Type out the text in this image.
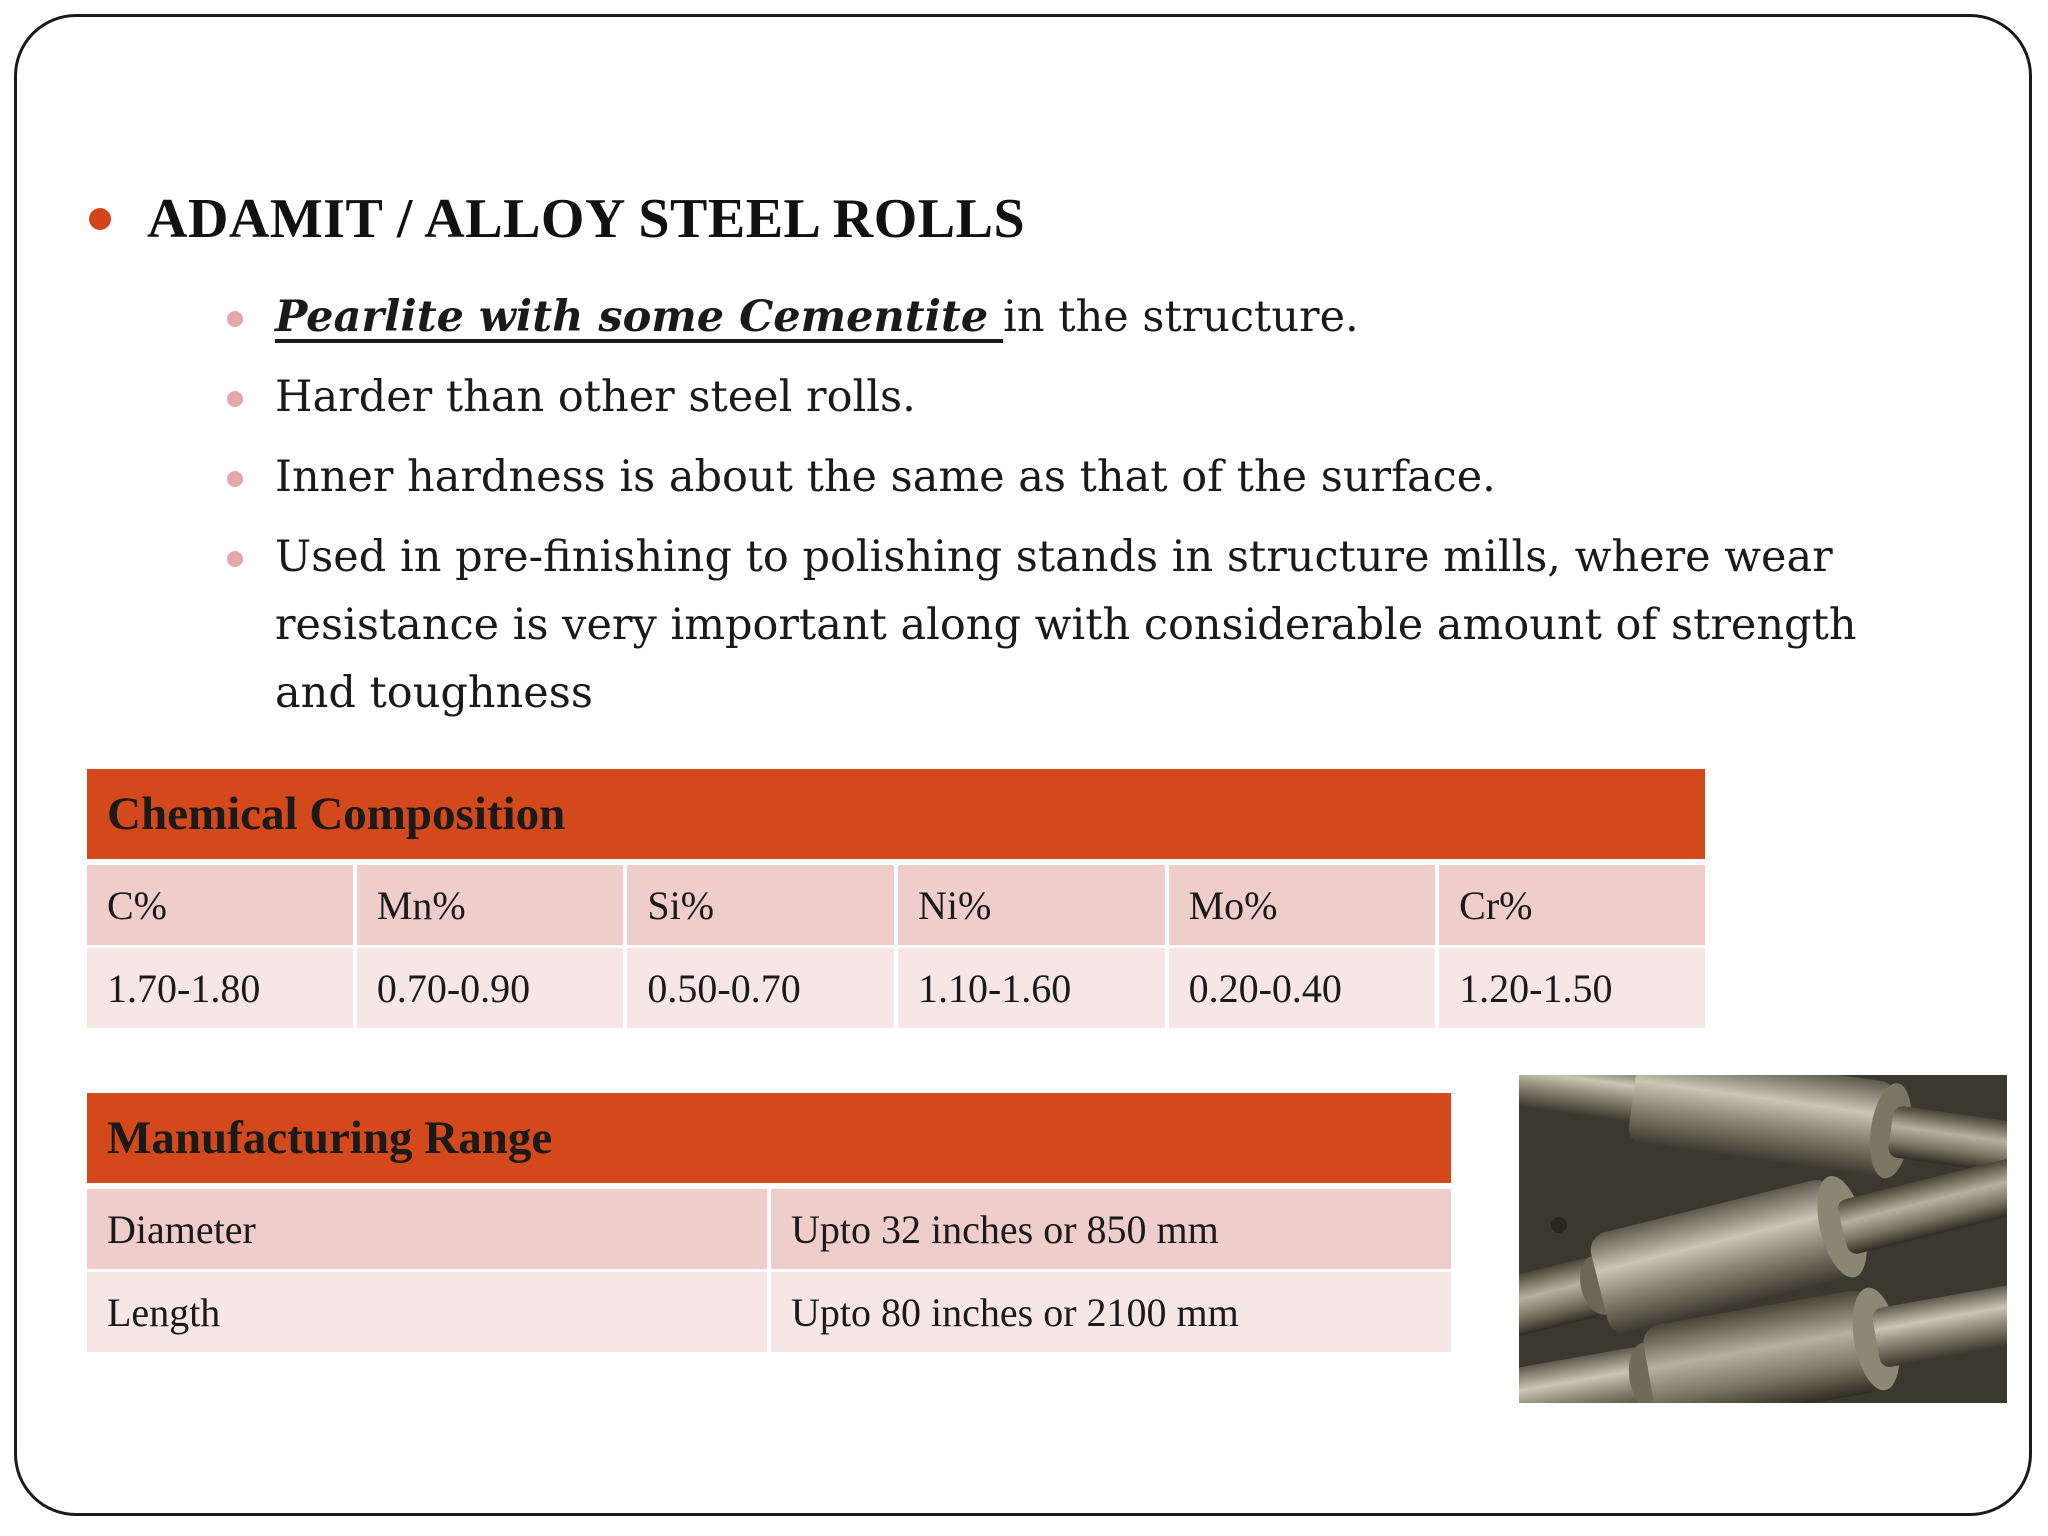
ADAMIT / ALLOY STEEL ROLLS
Pearlite with some Cementite in the structure.
Harder than other steel rolls.
Inner hardness is about the same as that of the surface.
Used in pre-finishing to polishing stands in structure mills, where wear resistance is very important along with considerable amount of strength and toughness
Chemical Composition					
C%	Mn%	Si%	Ni%	Mo%	Cr%
1.70-1.80	0.70-0.90	0.50-0.70	1.10-1.60	0.20-0.40	1.20-1.50
Manufacturing Range	
Diameter	Upto 32 inches or 850 mm
Length	Upto 80 inches or 2100 mm
